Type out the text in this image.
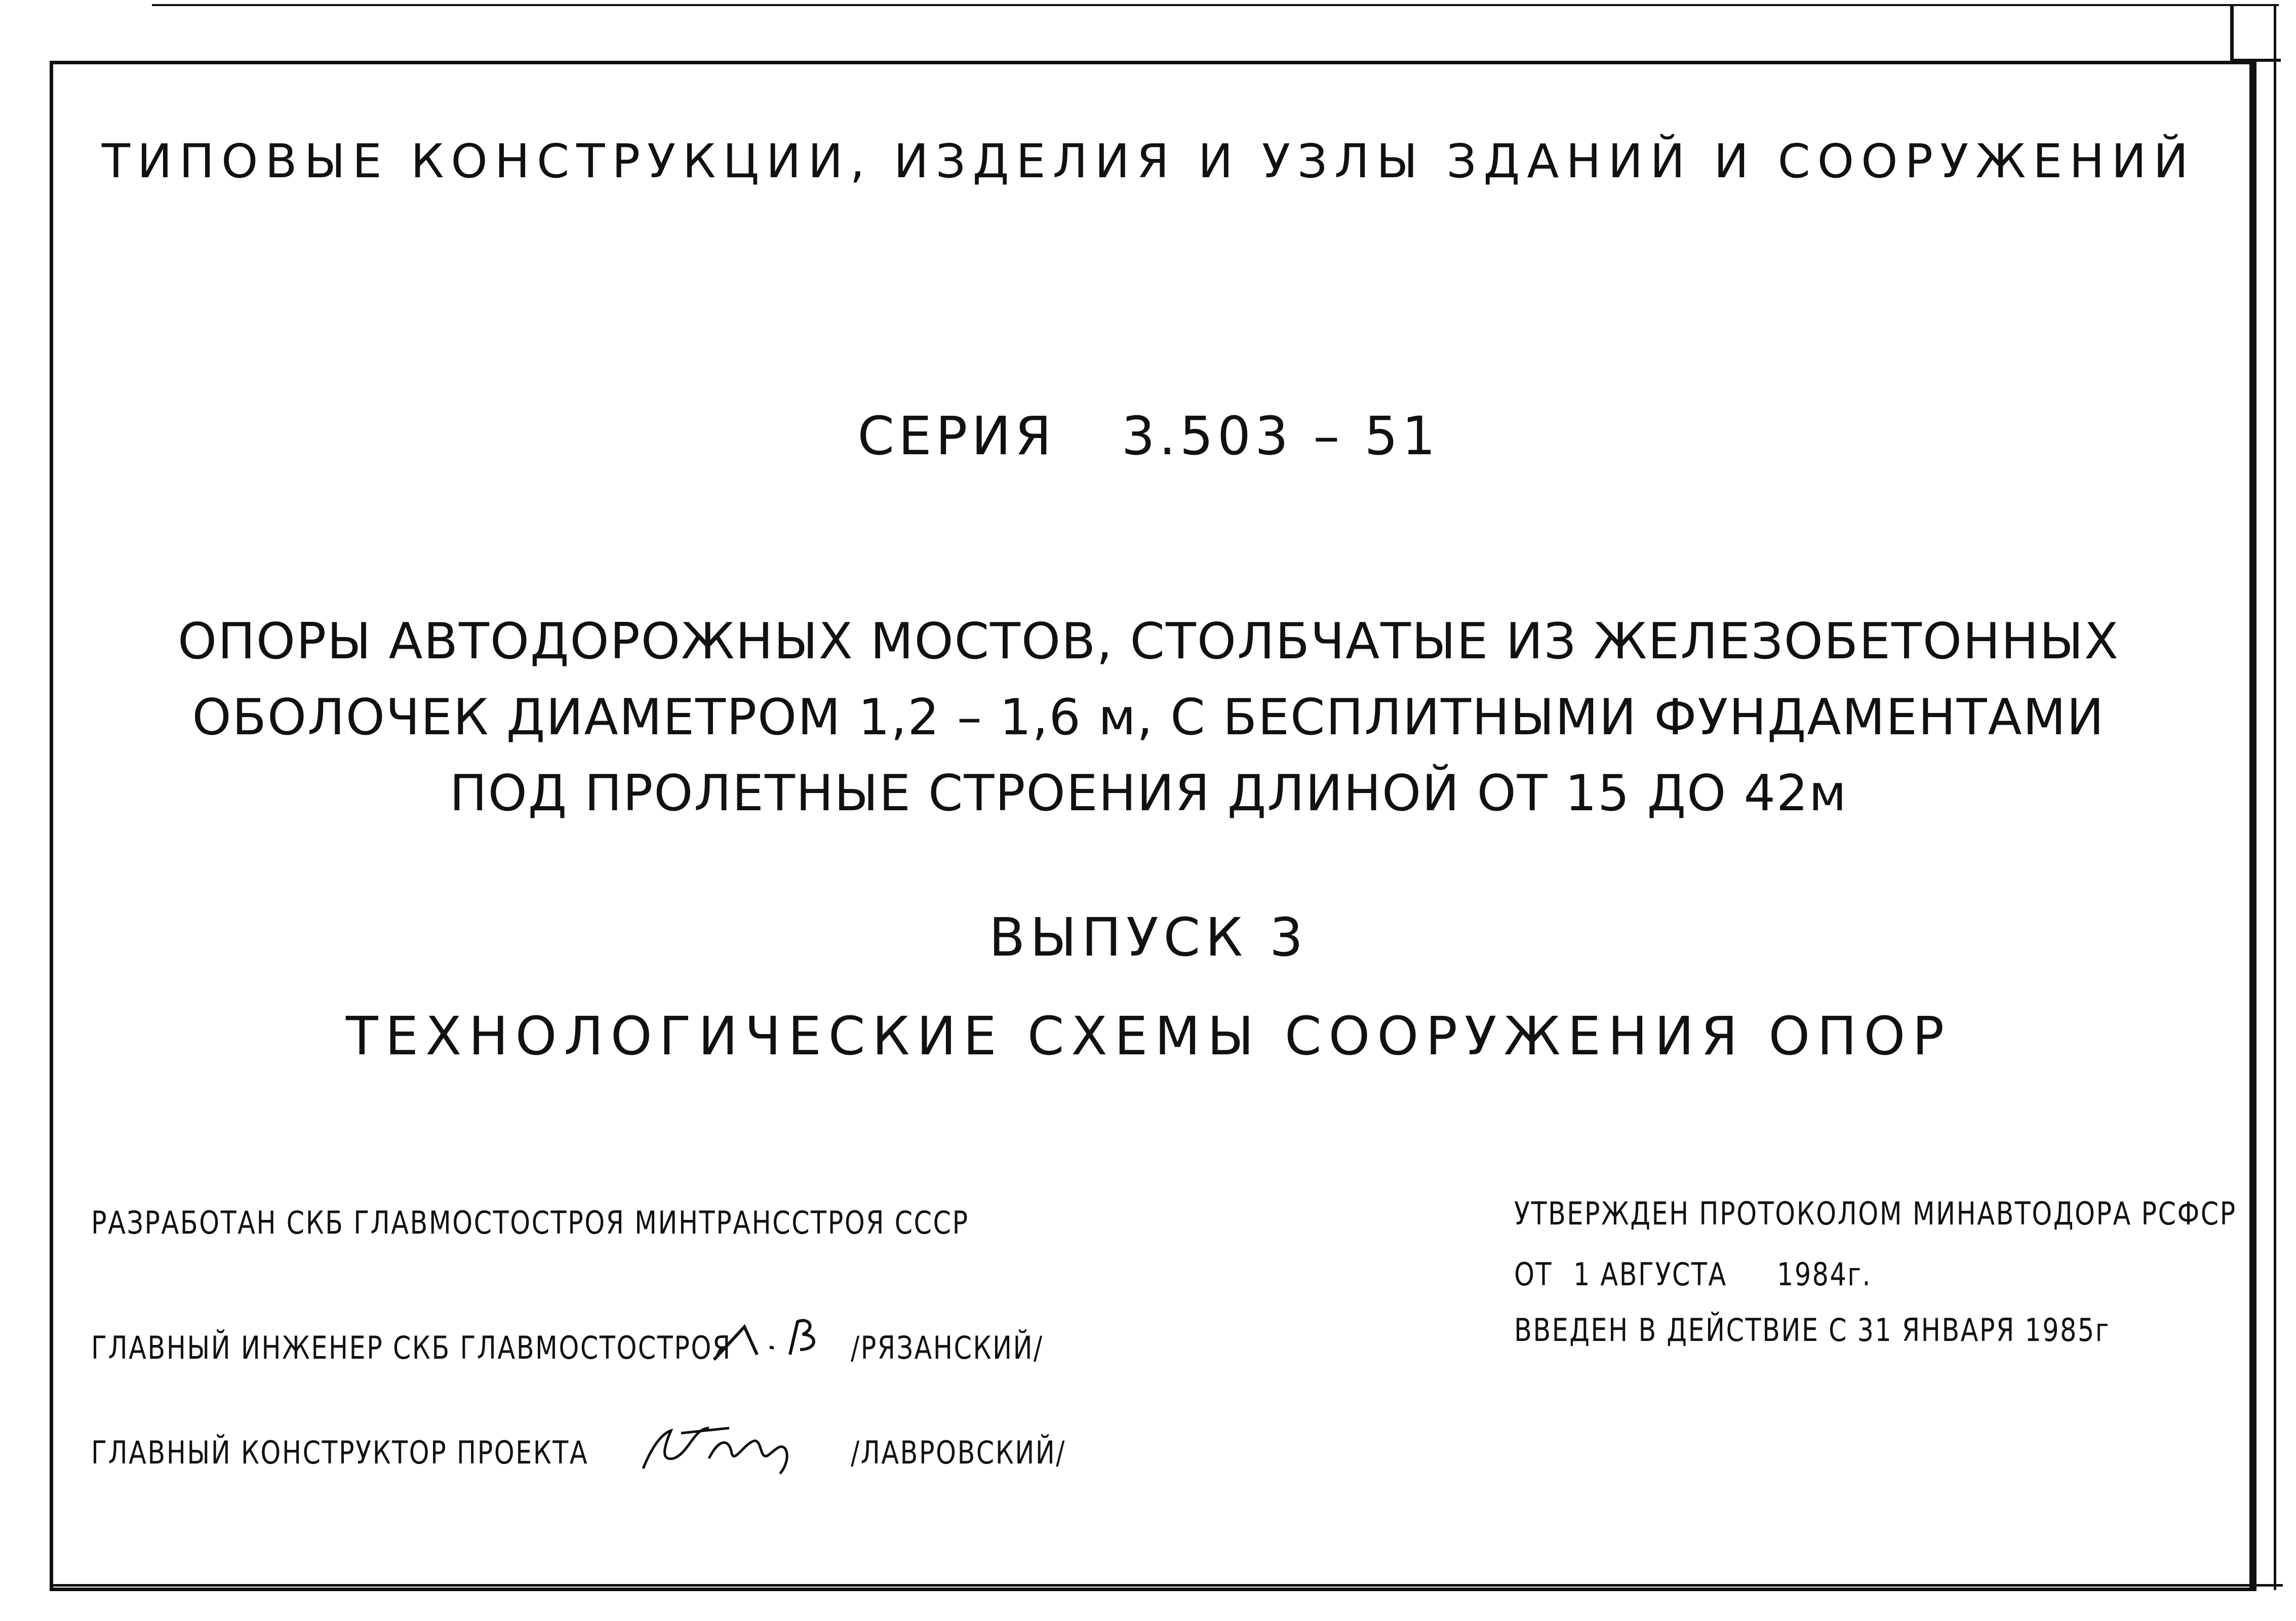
ТИПОВЫЕ КОНСТРУКЦИИ, ИЗДЕЛИЯ И УЗЛЫ ЗДАНИЙ И СООРУЖЕНИЙ
СЕРИЯ 3.503 – 51
ОПОРЫ АВТОДОРОЖНЫХ МОСТОВ, СТОЛБЧАТЫЕ ИЗ ЖЕЛЕЗОБЕТОННЫХ
ОБОЛОЧЕК ДИАМЕТРОМ 1,2 – 1,6 м, С БЕСПЛИТНЫМИ ФУНДАМЕНТАМИ
ПОД ПРОЛЕТНЫЕ СТРОЕНИЯ ДЛИНОЙ ОТ 15 ДО 42м
ВЫПУСК 3
ТЕХНОЛОГИЧЕСКИЕ СХЕМЫ СООРУЖЕНИЯ ОПОР
РАЗРАБОТАН СКБ ГЛАВМОСТОСТРОЯ МИНТРАНССТРОЯ СССР
ГЛАВНЫЙ ИНЖЕНЕР СКБ ГЛАВМОСТОСТРОЯ	/РЯЗАНСКИЙ/
ГЛАВНЫЙ КОНСТРУКТОР ПРОЕКТА	/ЛАВРОВСКИЙ/
УТВЕРЖДЕН ПРОТОКОЛОМ МИНАВТОДОРА РСФСР
ОТ 1 АВГУСТА 1984г.
ВВЕДЕН В ДЕЙСТВИЕ С 31 ЯНВАРЯ 1985г
